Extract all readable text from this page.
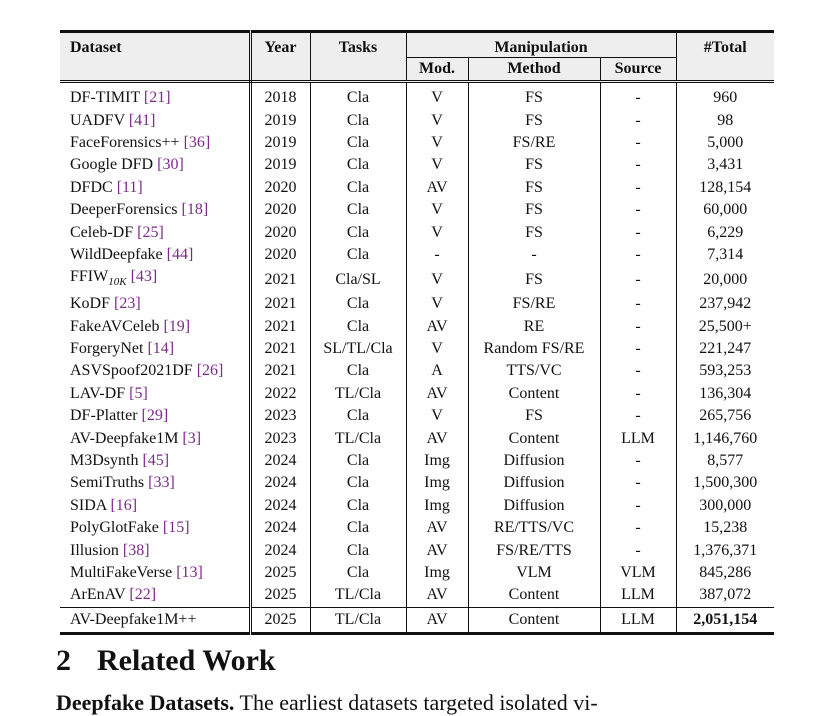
Dataset	Year	Tasks	Manipulation			#Total
			Mod.	Method	Source	
DF-TIMIT [21]	2018	Cla	V	FS	-	960
UADFV [41]	2019	Cla	V	FS	-	98
FaceForensics++ [36]	2019	Cla	V	FS/RE	-	5,000
Google DFD [30]	2019	Cla	V	FS	-	3,431
DFDC [11]	2020	Cla	AV	FS	-	128,154
DeeperForensics [18]	2020	Cla	V	FS	-	60,000
Celeb-DF [25]	2020	Cla	V	FS	-	6,229
WildDeepfake [44]	2020	Cla	-	-	-	7,314
$FFIW_{10K}$ [43]	2021	Cla/SL	V	FS	-	20,000
KoDF [23]	2021	Cla	V	FS/RE	-	237,942
FakeAVCeleb [19]	2021	Cla	AV	RE	-	25,500+
ForgeryNet [14]	2021	SL/TL/Cla	V	Random FS/RE	-	221,247
ASVSpoof2021DF [26]	2021	Cla	A	TTS/VC	-	593,253
LAV-DF [5]	2022	TL/Cla	AV	Content	-	136,304
DF-Platter [29]	2023	Cla	V	FS	-	265,756
AV-Deepfake1M [3]	2023	TL/Cla	AV	Content	LLM	1,146,760
M3Dsynth [45]	2024	Cla	Img	Diffusion	-	8,577
SemiTruths [33]	2024	Cla	Img	Diffusion	-	1,500,300
SIDA [16]	2024	Cla	Img	Diffusion	-	300,000
PolyGlotFake [15]	2024	Cla	AV	RE/TTS/VC	-	15,238
Illusion [38]	2024	Cla	AV	FS/RE/TTS	-	1,376,371
MultiFakeVerse [13]	2025	Cla	Img	VLM	VLM	845,286
ArEnAV [22]	2025	TL/Cla	AV	Content	LLM	387,072
AV-Deepfake1M++	2025	TL/Cla	AV	Content	LLM	2,051,154
2 Related Work
Deepfake Datasets. The earliest datasets targeted isolated vi-
